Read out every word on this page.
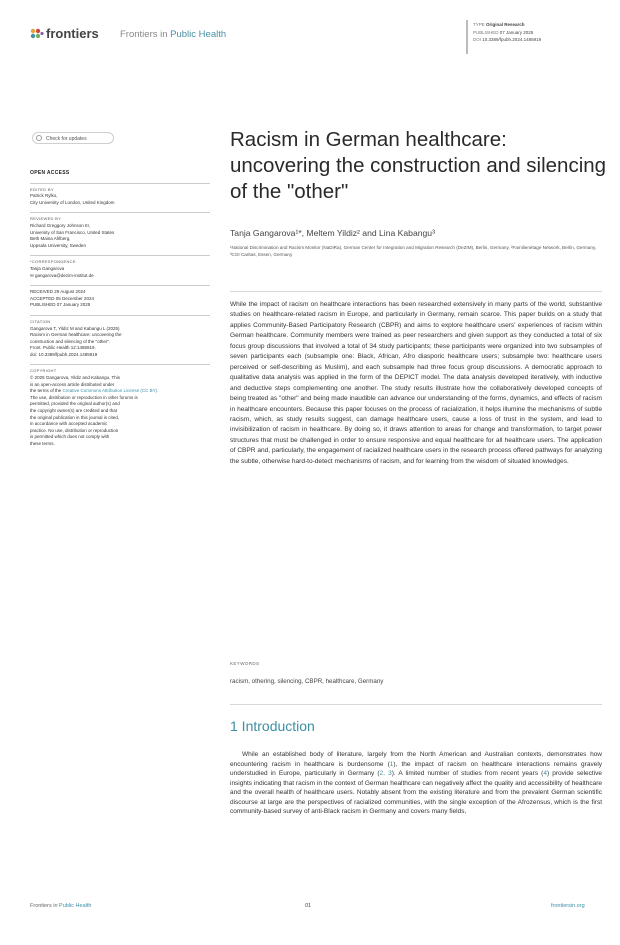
frontiers Frontiers in Public Health
TYPE Original Research
PUBLISHED 07 January 2025
DOI 10.3389/fpubh.2024.1485919
Check for updates
OPEN ACCESS
EDITED BY
Patrick Rylko,
City University of London, United Kingdom
REVIEWED BY
Richard Greggory Johnson III,
University of San Francisco, United States
Beth Maina Ahlberg,
Uppsala University, Sweden
*CORRESPONDENCE
Tanja Gangarova
✉ gangarova@dezim-institut.de
RECEIVED 29 August 2024
ACCEPTED 05 December 2024
PUBLISHED 07 January 2025
CITATION
Gangarova T, Yildiz M and Kabangu L (2025)
Racism in German healthcare: uncovering the
construction and silencing of the "other".
Front. Public Health 12:1485919.
doi: 10.3389/fpubh.2024.1485919
COPYRIGHT
© 2025 Gangarova, Yildiz and Kabangu. This
is an open-access article distributed under
the terms of the Creative Commons Attribution License (CC BY).
The use, distribution or reproduction in other forums is
permitted, provided the original author(s) and
the copyright owner(s) are credited and that
the original publication in this journal is cited,
in accordance with accepted academic
practice. No use, distribution or reproduction
is permitted which does not comply with
these terms.
Racism in German healthcare: uncovering the construction and silencing of the "other"
Tanja Gangarova¹*, Meltem Yildiz² and Lina Kabangu³
¹National Discrimination and Racism Monitor (NaDiRa), German Center for Integration and Migration Research (DeZIM), Berlin, Germany, ²Familienétage Network, Berlin, Germany, ³CGI Caritas, Essen, Germany
While the impact of racism on healthcare interactions has been researched extensively in many parts of the world, substantive studies on healthcare-related racism in Europe, and particularly in Germany, remain scarce. This paper builds on a study that applies Community-Based Participatory Research (CBPR) and aims to explore healthcare users' experiences of racism within German healthcare. Community members were trained as peer researchers and given support as they conducted a total of six focus group discussions that involved a total of 34 study participants; these participants were organized into two subsamples of seven participants each (subsample one: Black, African, Afro diasporic healthcare users; subsample two: healthcare users perceived or self-describing as Muslim), and each subsample had three focus group discussions. A democratic approach to qualitative data analysis was applied in the form of the DEPICT model. The data analysis developed iteratively, with inductive and deductive steps complementing one another. The study results illustrate how the collaboratively developed concepts of being treated as "other" and being made inaudible can advance our understanding of the forms, dynamics, and effects of racism in healthcare encounters. Because this paper focuses on the process of racialization, it helps illumine the mechanisms of subtle racism, which, as study results suggest, can damage healthcare users, cause a loss of trust in the system, and lead to invisibilization of racism in healthcare. By doing so, it draws attention to areas for change and transformation, to target power structures that must be challenged in order to ensure responsive and equal healthcare for all healthcare users. The application of CBPR and, particularly, the engagement of racialized healthcare users in the research process offered pathways for analyzing the subtle, otherwise hard-to-detect mechanisms of racism, and for learning from the wisdom of situated knowledges.
KEYWORDS
racism, othering, silencing, CBPR, healthcare, Germany
1 Introduction
While an established body of literature, largely from the North American and Australian contexts, demonstrates how encountering racism in healthcare is burdensome (1), the impact of racism on healthcare interactions remains gravely understudied in Europe, particularly in Germany (2, 3). A limited number of studies from recent years (4) provide selective insights indicating that racism in the context of German healthcare can negatively affect the quality and accessibility of healthcare and the overall health of healthcare users. Notably absent from the existing literature and from the prevalent German scientific discourse at large are the perspectives of racialized communities, with the single exception of the Afrozensus, which is the first community-based survey of anti-Black racism in Germany and covers many fields,
Frontiers in Public Health	01	frontiersin.org
